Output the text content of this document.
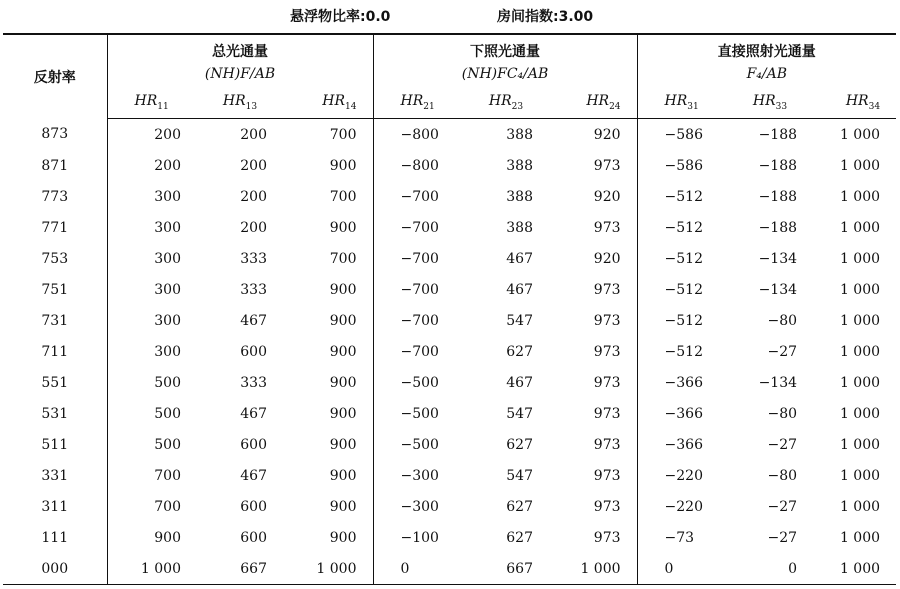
悬浮物比率:0.0	房间指数:3.00
反射率	总光通量			下照光通量			直接照射光通量		
	(NH)F/AB			(NH)FC₄/AB			F₄/AB		
	$HR_{11}$	$HR_{13}$	$HR_{14}$	$HR_{21}$	$HR_{23}$	$HR_{24}$	$HR_{31}$	$HR_{33}$	$HR_{34}$
873	200	200	700	−800	388	920	−586	−188	1 000
871	200	200	900	−800	388	973	−586	−188	1 000
773	300	200	700	−700	388	920	−512	−188	1 000
771	300	200	900	−700	388	973	−512	−188	1 000
753	300	333	700	−700	467	920	−512	−134	1 000
751	300	333	900	−700	467	973	−512	−134	1 000
731	300	467	900	−700	547	973	−512	−80	1 000
711	300	600	900	−700	627	973	−512	−27	1 000
551	500	333	900	−500	467	973	−366	−134	1 000
531	500	467	900	−500	547	973	−366	−80	1 000
511	500	600	900	−500	627	973	−366	−27	1 000
331	700	467	900	−300	547	973	−220	−80	1 000
311	700	600	900	−300	627	973	−220	−27	1 000
111	900	600	900	−100	627	973	−73	−27	1 000
000	1 000	667	1 000	0	667	1 000	0	0	1 000
